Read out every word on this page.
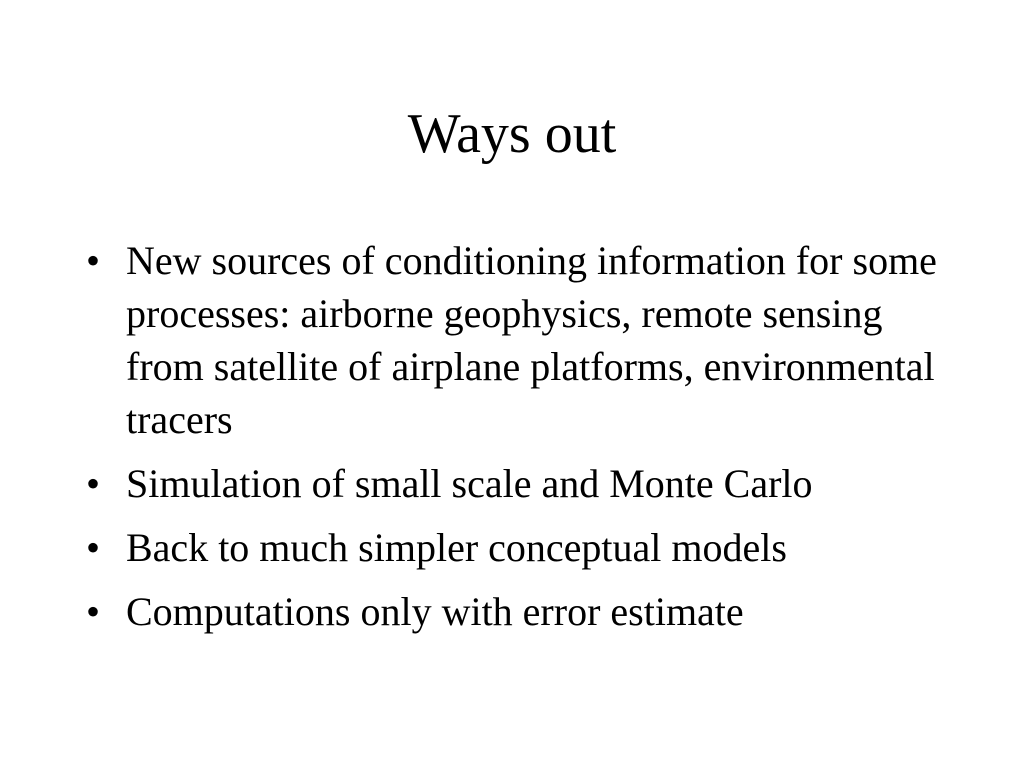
Ways out
• New sources of conditioning information for some processes: airborne geophysics, remote sensing from satellite of airplane platforms, environmental tracers
• Simulation of small scale and Monte Carlo
• Back to much simpler conceptual models
• Computations only with error estimate
